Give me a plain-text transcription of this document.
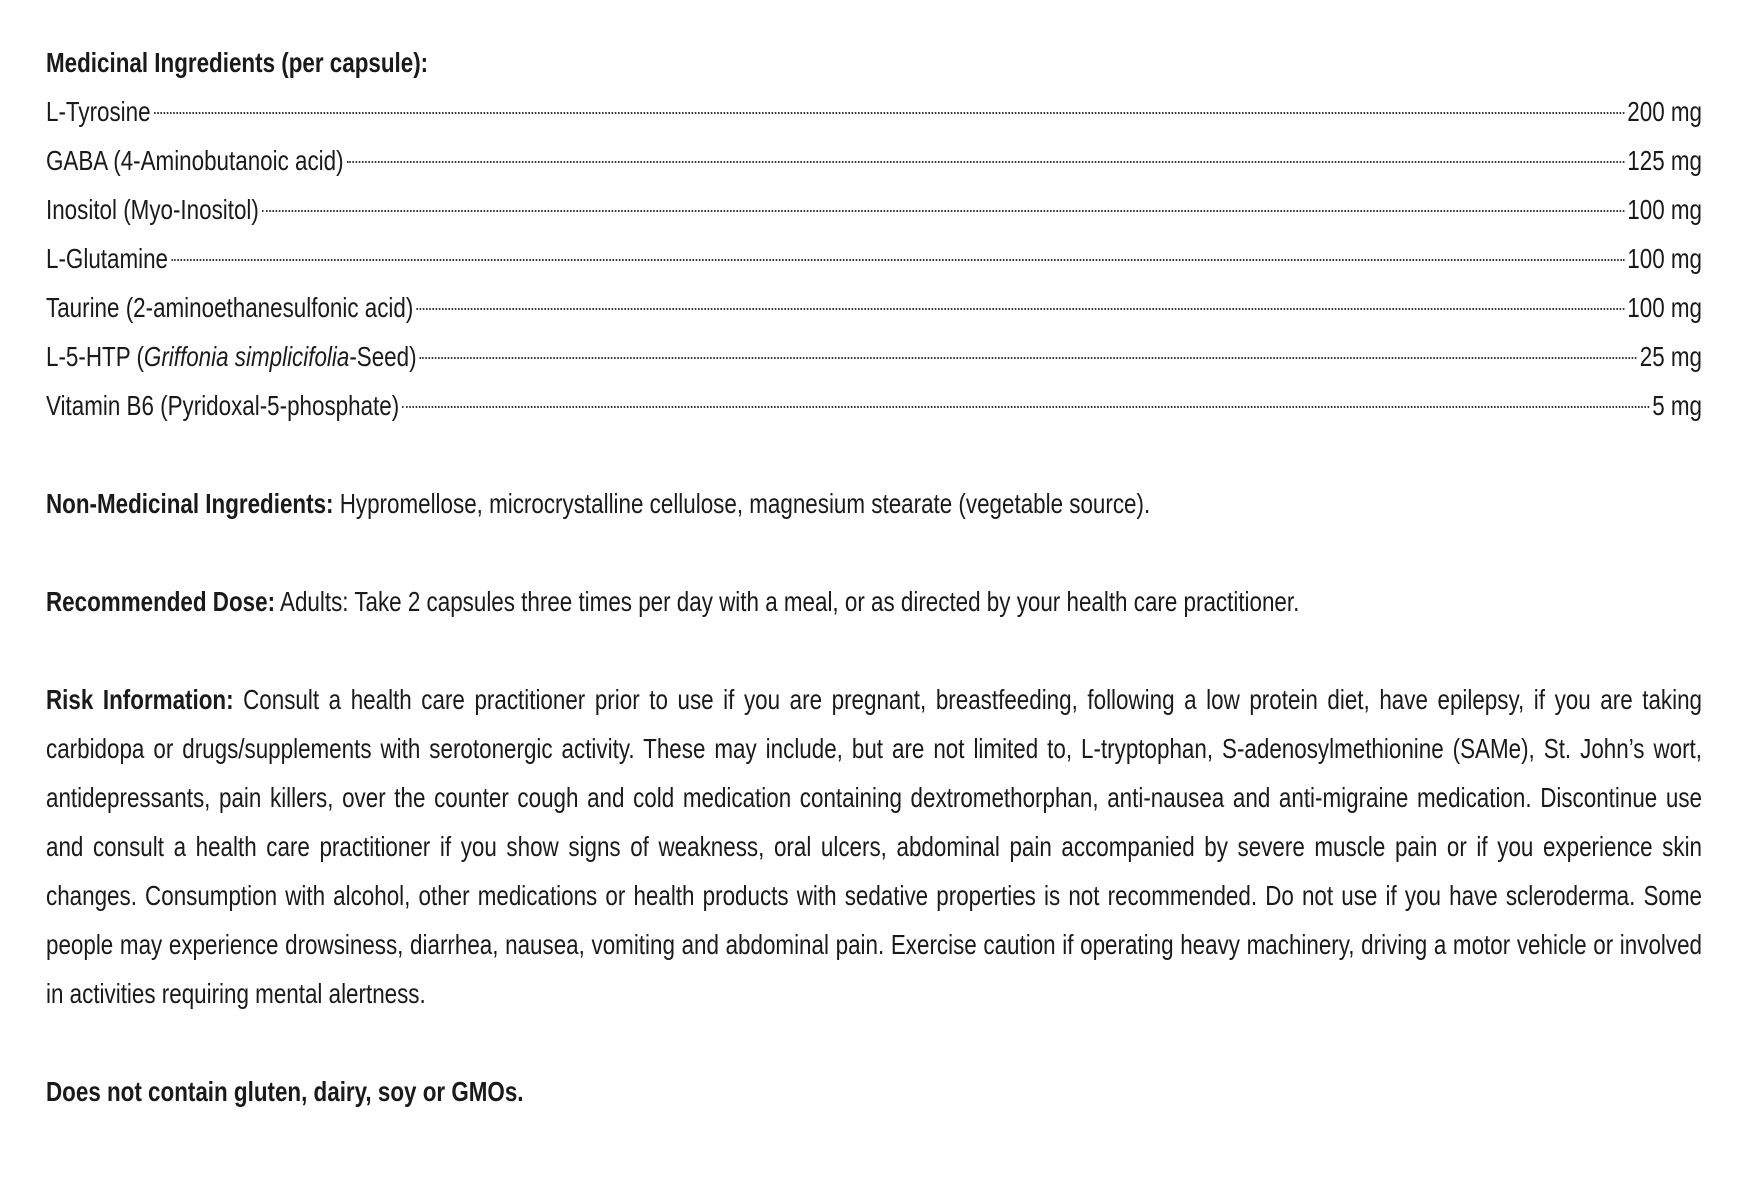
Medicinal Ingredients (per capsule):
L-Tyrosine	200 mg
GABA (4-Aminobutanoic acid)	125 mg
Inositol (Myo-Inositol)	100 mg
L-Glutamine	100 mg
Taurine (2-aminoethanesulfonic acid)	100 mg
L-5-HTP (Griffonia simplicifolia-Seed)	25 mg
Vitamin B6 (Pyridoxal-5-phosphate)	5 mg
Non-Medicinal Ingredients: Hypromellose, microcrystalline cellulose, magnesium stearate (vegetable source).
Recommended Dose: Adults: Take 2 capsules three times per day with a meal, or as directed by your health care practitioner.
Risk Information: Consult a health care practitioner prior to use if you are pregnant, breastfeeding, following a low protein diet, have epilepsy, if you are taking carbidopa or drugs/supplements with serotonergic activity. These may include, but are not limited to, L-tryptophan, S-adenosylmethionine (SAMe), St. John’s wort, antidepressants, pain killers, over the counter cough and cold medication containing dextromethorphan, anti-nausea and anti-migraine medication. Discontinue use and consult a health care practitioner if you show signs of weakness, oral ulcers, abdominal pain accompanied by severe muscle pain or if you experience skin changes. Consumption with alcohol, other medications or health products with sedative properties is not recommended. Do not use if you have scleroderma. Some people may experience drowsiness, diarrhea, nausea, vomiting and abdominal pain. Exercise caution if operating heavy machinery, driving a motor vehicle or involved in activities requiring mental alertness.
Does not contain gluten, dairy, soy or GMOs.
